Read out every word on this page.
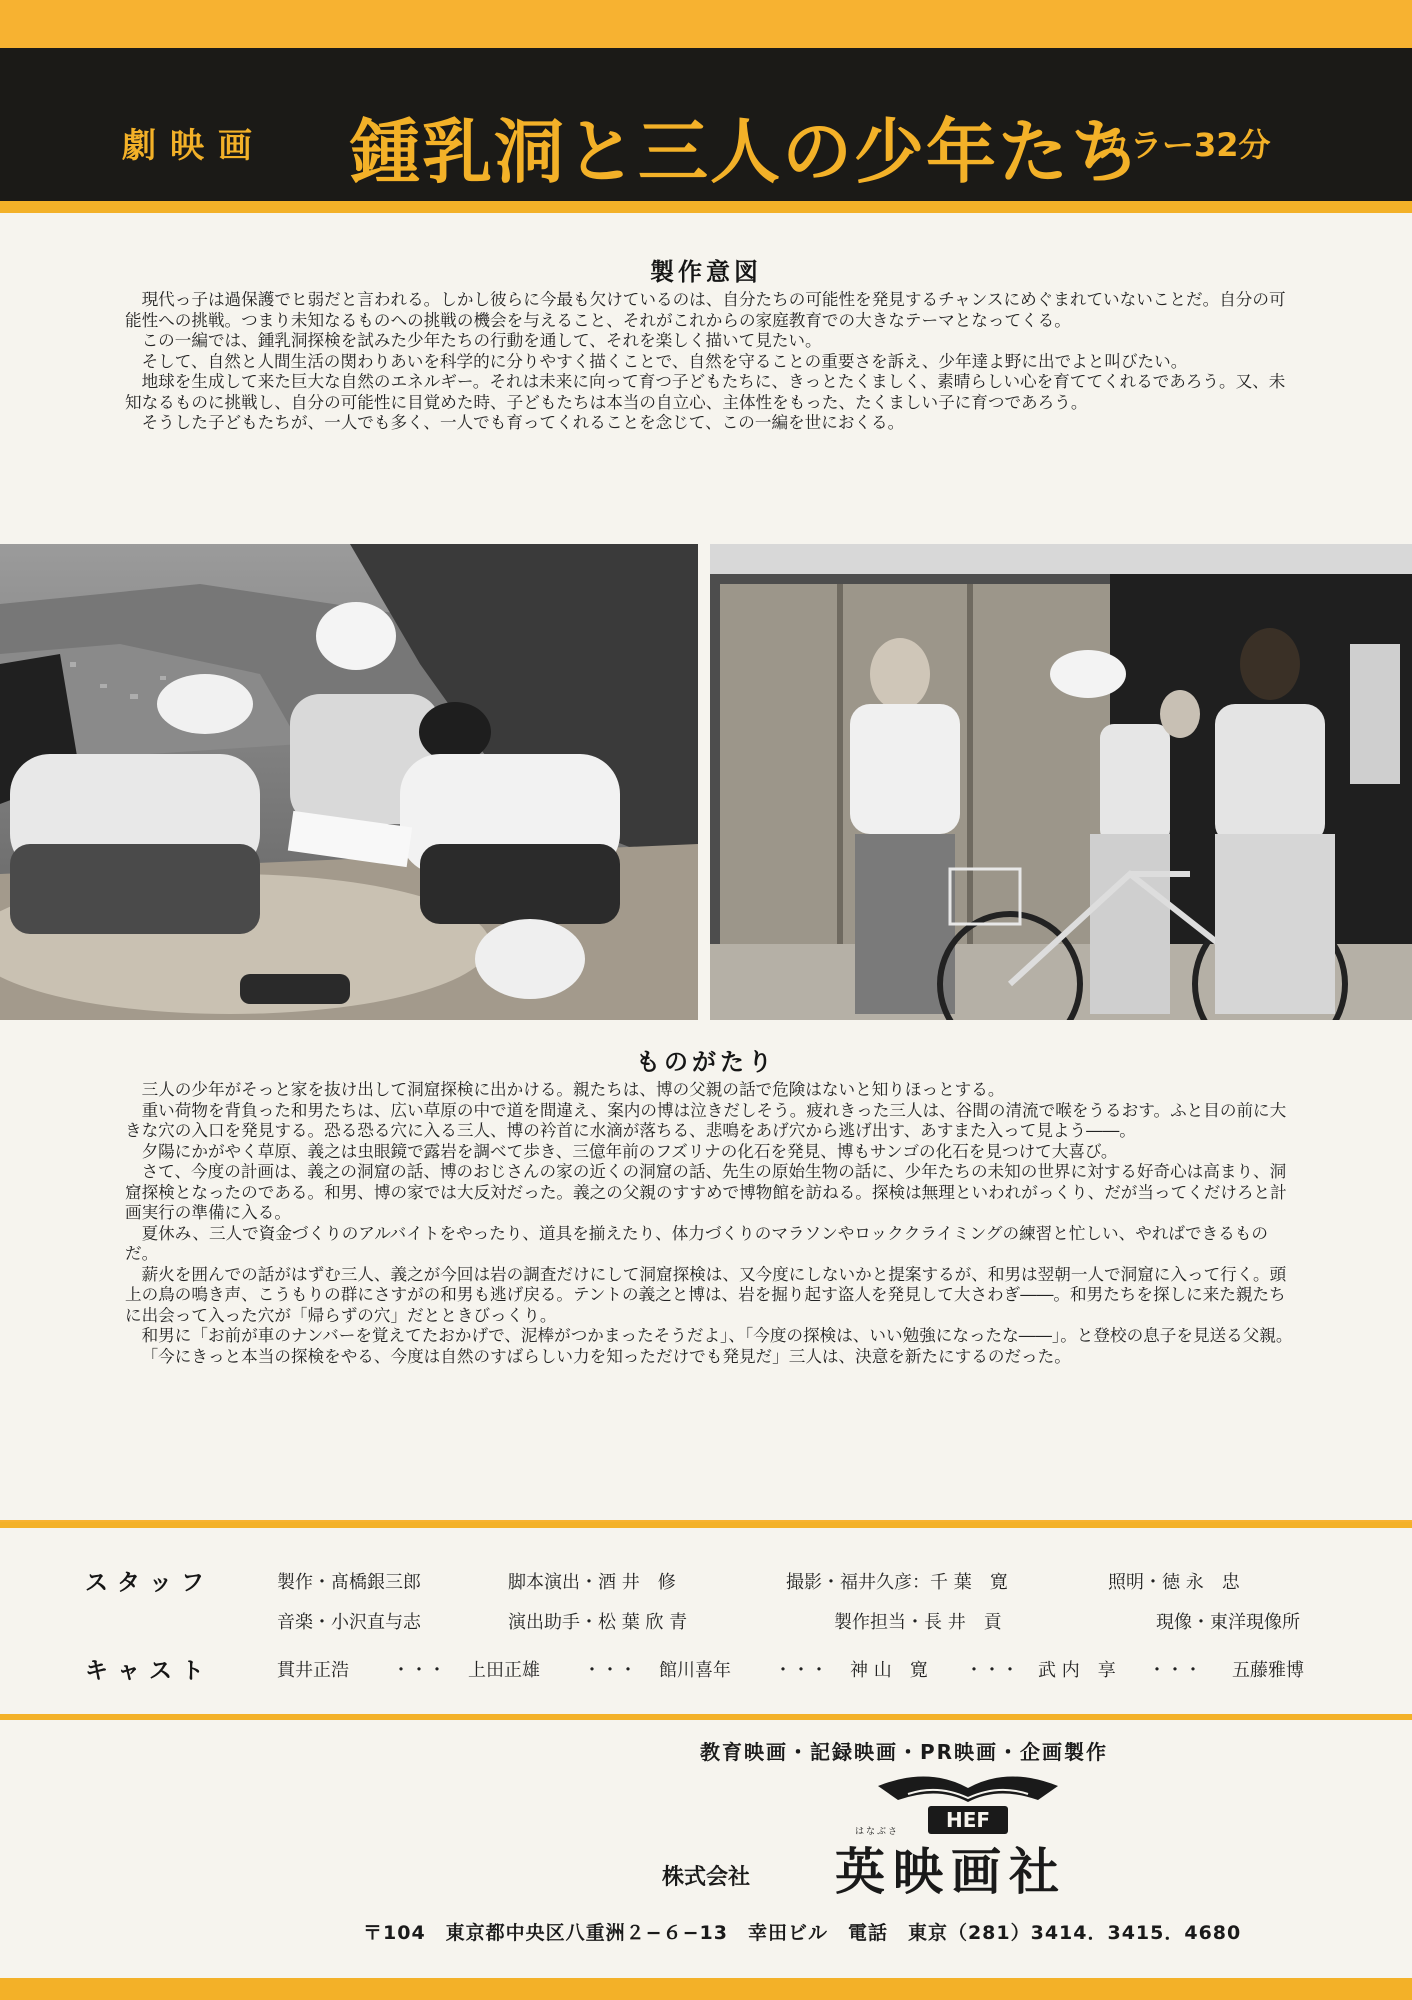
劇映画 鍾乳洞と三人の少年たち
カラー32分
製作意図

現代っ子は過保護でヒ弱だと言われる。しかし彼らに今最も欠けているのは、自分たちの可能性を発見するチャンスにめぐまれていないことだ。自分の可能性への挑戦。つまり未知なるものへの挑戦の機会を与えること、それがこれからの家庭教育での大きなテーマとなってくる。

この一編では、鍾乳洞探検を試みた少年たちの行動を通して、それを楽しく描いて見たい。

そして、自然と人間生活の関わりあいを科学的に分りやすく描くことで、自然を守ることの重要さを訴え、少年達よ野に出でよと叫びたい。

地球を生成して来た巨大な自然のエネルギー。それは未来に向って育つ子どもたちに、きっとたくましく、素晴らしい心を育ててくれるであろう。又、未知なるものに挑戦し、自分の可能性に目覚めた時、子どもたちは本当の自立心、主体性をもった、たくましい子に育つであろう。

そうした子どもたちが、一人でも多く、一人でも育ってくれることを念じて、この一編を世におくる。

ものがたり

三人の少年がそっと家を抜け出して洞窟探検に出かける。親たちは、博の父親の話で危険はないと知りほっとする。

重い荷物を背負った和男たちは、広い草原の中で道を間違え、案内の博は泣きだしそう。疲れきった三人は、谷間の清流で喉をうるおす。ふと目の前に大きな穴の入口を発見する。恐る恐る穴に入る三人、博の衿首に水滴が落ちる、悲鳴をあげ穴から逃げ出す、あすまた入って見よう――。

夕陽にかがやく草原、義之は虫眼鏡で露岩を調べて歩き、三億年前のフズリナの化石を発見、博もサンゴの化石を見つけて大喜び。

さて、今度の計画は、義之の洞窟の話、博のおじさんの家の近くの洞窟の話、先生の原始生物の話に、少年たちの未知の世界に対する好奇心は高まり、洞窟探検となったのである。和男、博の家では大反対だった。義之の父親のすすめで博物館を訪ねる。探検は無理といわれがっくり、だが当ってくだけろと計画実行の準備に入る。

夏休み、三人で資金づくりのアルバイトをやったり、道具を揃えたり、体力づくりのマラソンやロッククライミングの練習と忙しい、やればできるものだ。

薪火を囲んでの話がはずむ三人、義之が今回は岩の調査だけにして洞窟探検は、又今度にしないかと提案するが、和男は翌朝一人で洞窟に入って行く。頭上の鳥の鳴き声、こうもりの群にさすがの和男も逃げ戻る。テントの義之と博は、岩を掘り起す盗人を発見して大さわぎ――。和男たちを探しに来た親たちに出会って入った穴が「帰らずの穴」だとときびっくり。

和男に「お前が車のナンバーを覚えてたおかげで、泥棒がつかまったそうだよ」、「今度の探検は、いい勉強になったな――」。と登校の息子を見送る父親。

「今にきっと本当の探検をやる、今度は自然のすばらしい力を知っただけでも発見だ」三人は、決意を新たにするのだった。

スタッフ	製作・髙橋銀三郎	脚本演出・酒 井　修	撮影・福井久彦：千 葉　寛	照明・徳 永　忠
音楽・小沢直与志	演出助手・松 葉 欣 青	製作担当・長 井　貢	現像・東洋現像所
キャスト	貫井正浩 ・・・ 上田正雄 ・・・ 館川喜年 ・・・ 神 山　寛 ・・・ 武 内　享 ・・・ 五藤雅博
教育映画・記録映画・PR映画・企画製作
HEF
はなぶさ
株式会社 英映画社
〒104　東京都中央区八重洲２−６−13　幸田ビル　電話　東京（281）3414．3415．4680
